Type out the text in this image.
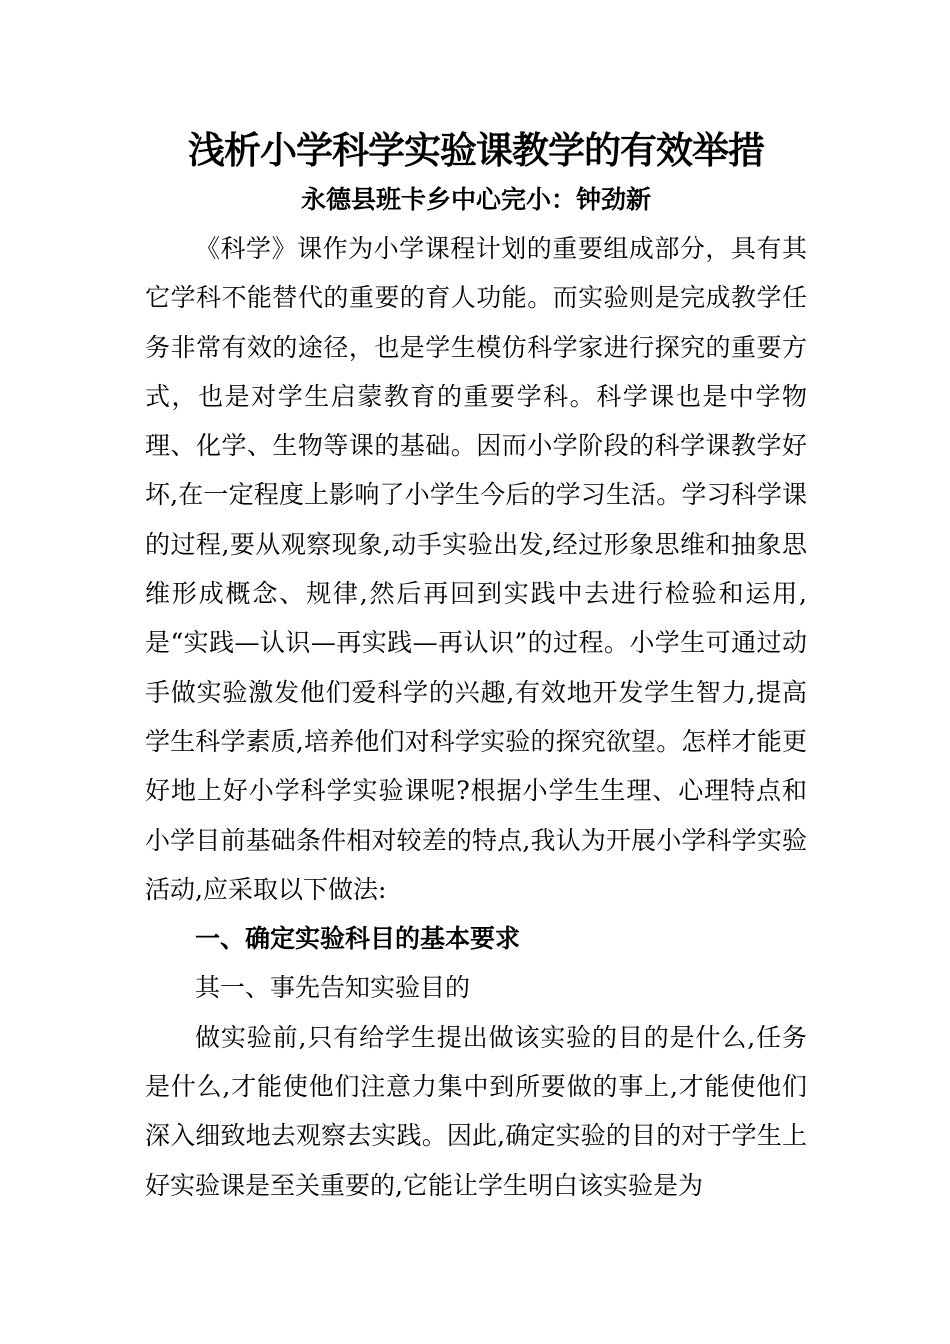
浅析小学科学实验课教学的有效举措

永德县班卡乡中心完小：钟劲新

《科学》课作为小学课程计划的重要组成部分，具有其它学科不能替代的重要的育人功能。而实验则是完成教学任务非常有效的途径，也是学生模仿科学家进行探究的重要方式，也是对学生启蒙教育的重要学科。科学课也是中学物理、化学、生物等课的基础。因而小学阶段的科学课教学好坏,在一定程度上影响了小学生今后的学习生活。学习科学课的过程,要从观察现象,动手实验出发,经过形象思维和抽象思维形成概念、规律,然后再回到实践中去进行检验和运用,是“实践—认识—再实践—再认识”的过程。小学生可通过动手做实验激发他们爱科学的兴趣,有效地开发学生智力,提高学生科学素质,培养他们对科学实验的探究欲望。怎样才能更好地上好小学科学实验课呢?根据小学生生理、心理特点和小学目前基础条件相对较差的特点,我认为开展小学科学实验活动,应采取以下做法:

一、确定实验科目的基本要求

其一、事先告知实验目的

做实验前,只有给学生提出做该实验的目的是什么,任务是什么,才能使他们注意力集中到所要做的事上,才能使他们深入细致地去观察去实践。因此,确定实验的目的对于学生上好实验课是至关重要的,它能让学生明白该实验是为
